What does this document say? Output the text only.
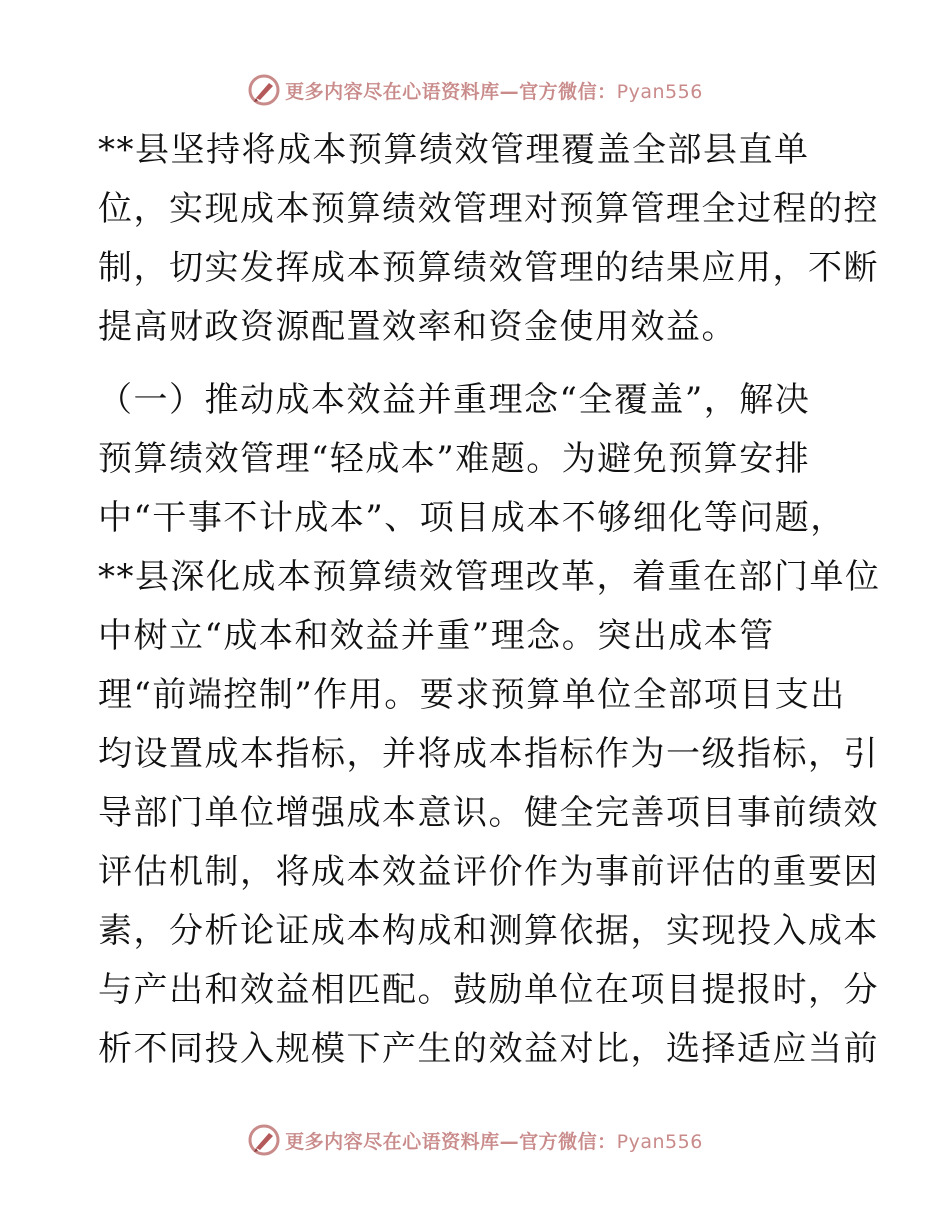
更多内容尽在心语资料库—官方微信：Pyan556
**县坚持将成本预算绩效管理覆盖全部县直单
位，实现成本预算绩效管理对预算管理全过程的控
制，切实发挥成本预算绩效管理的结果应用，不断
提高财政资源配置效率和资金使用效益。
（一）推动成本效益并重理念“全覆盖”，解决
预算绩效管理“轻成本”难题。为避免预算安排
中“干事不计成本”、项目成本不够细化等问题，
**县深化成本预算绩效管理改革，着重在部门单位
中树立“成本和效益并重”理念。突出成本管
理“前端控制”作用。要求预算单位全部项目支出
均设置成本指标，并将成本指标作为一级指标，引
导部门单位增强成本意识。健全完善项目事前绩效
评估机制，将成本效益评价作为事前评估的重要因
素，分析论证成本构成和测算依据，实现投入成本
与产出和效益相匹配。鼓励单位在项目提报时，分
析不同投入规模下产生的效益对比，选择适应当前
更多内容尽在心语资料库—官方微信：Pyan556
